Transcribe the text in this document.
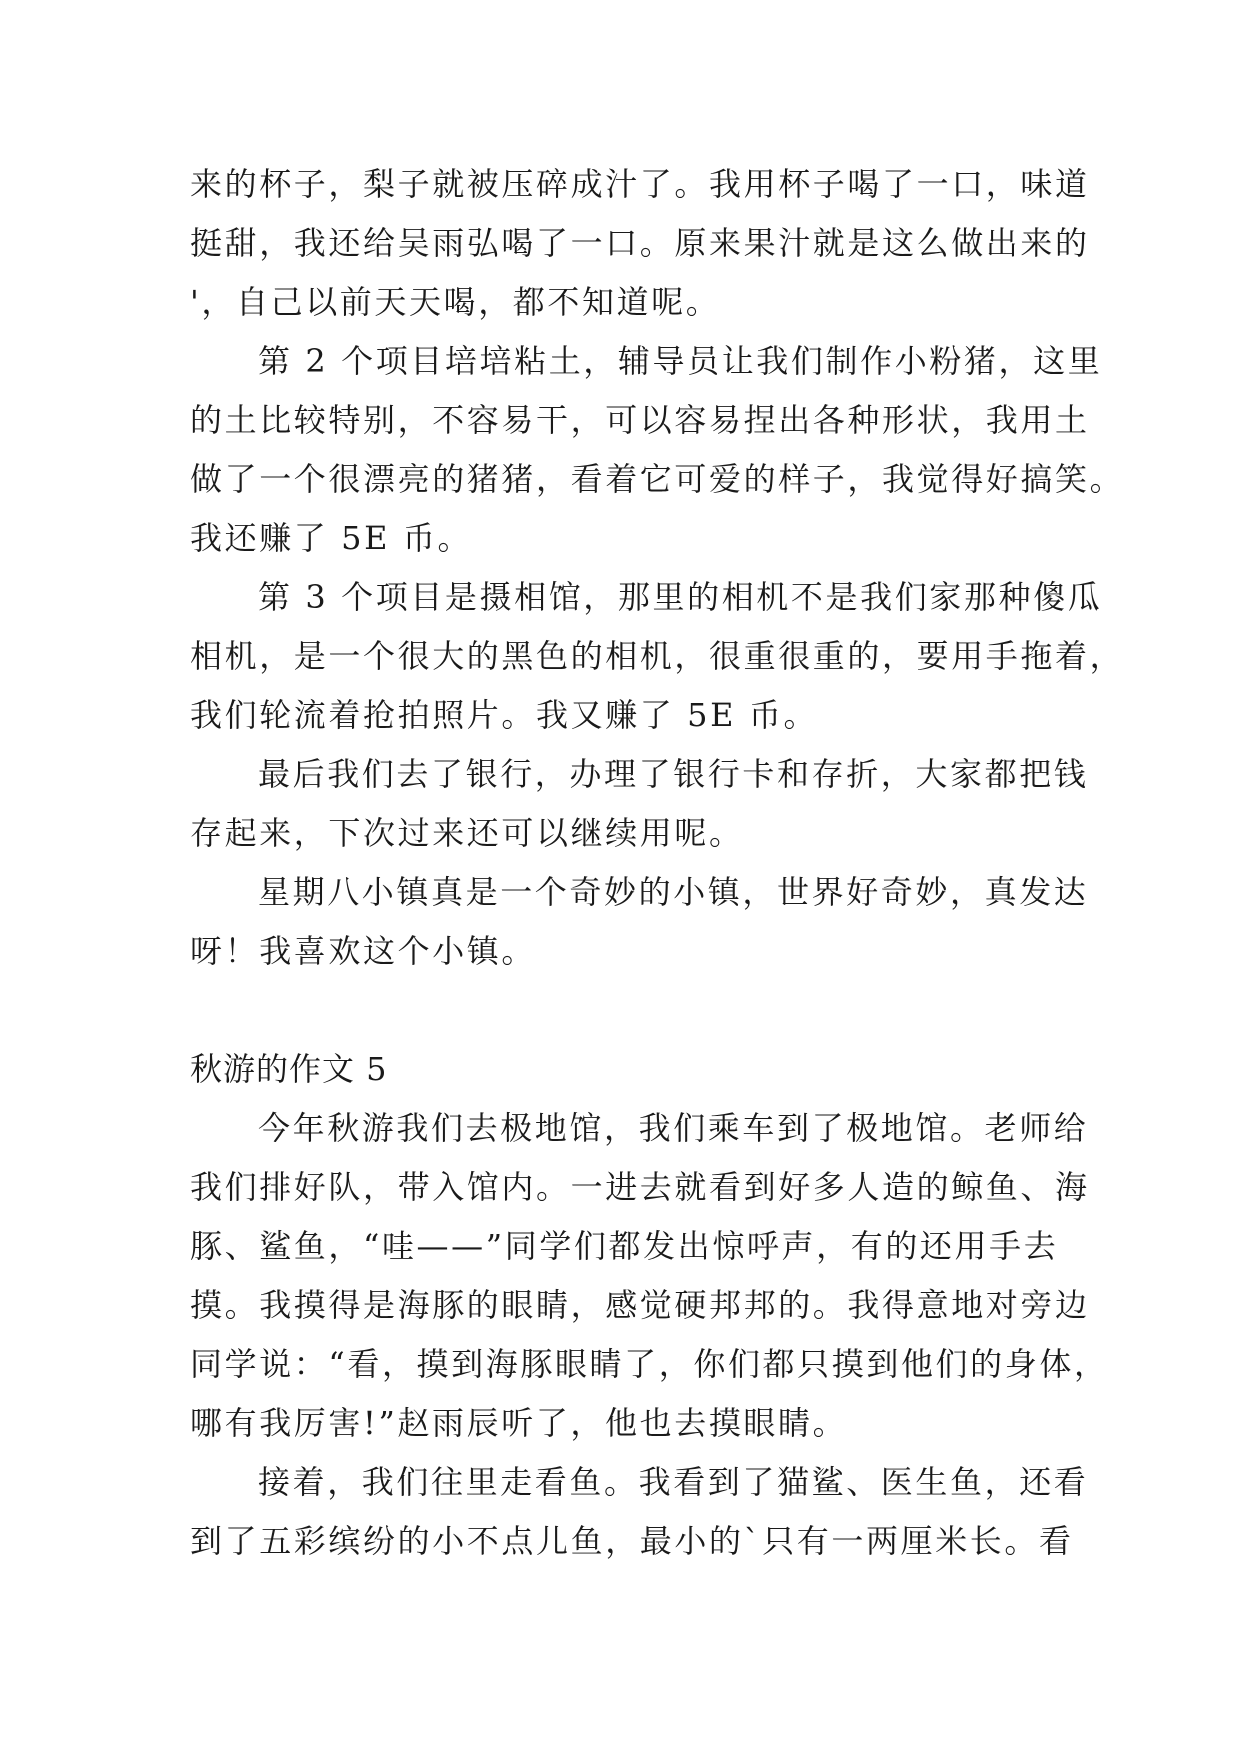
来的杯子，梨子就被压碎成汁了。我用杯子喝了一口，味道
挺甜，我还给吴雨弘喝了一口。原来果汁就是这么做出来的
'，自己以前天天喝，都不知道呢。
第 2 个项目培培粘土，辅导员让我们制作小粉猪，这里
的土比较特别，不容易干，可以容易捏出各种形状，我用土
做了一个很漂亮的猪猪，看着它可爱的样子，我觉得好搞笑。
我还赚了 5E 币。
第 3 个项目是摄相馆，那里的相机不是我们家那种傻瓜
相机，是一个很大的黑色的相机，很重很重的，要用手拖着，
我们轮流着抢拍照片。我又赚了 5E 币。
最后我们去了银行，办理了银行卡和存折，大家都把钱
存起来，下次过来还可以继续用呢。
星期八小镇真是一个奇妙的小镇，世界好奇妙，真发达
呀！我喜欢这个小镇。
秋游的作文 5
今年秋游我们去极地馆，我们乘车到了极地馆。老师给
我们排好队，带入馆内。一进去就看到好多人造的鲸鱼、海
豚、鲨鱼，“哇——”同学们都发出惊呼声，有的还用手去
摸。我摸得是海豚的眼睛，感觉硬邦邦的。我得意地对旁边
同学说：“看，摸到海豚眼睛了，你们都只摸到他们的身体，
哪有我厉害!”赵雨辰听了，他也去摸眼睛。
接着，我们往里走看鱼。我看到了猫鲨、医生鱼，还看
到了五彩缤纷的小不点儿鱼，最小的`只有一两厘米长。看
